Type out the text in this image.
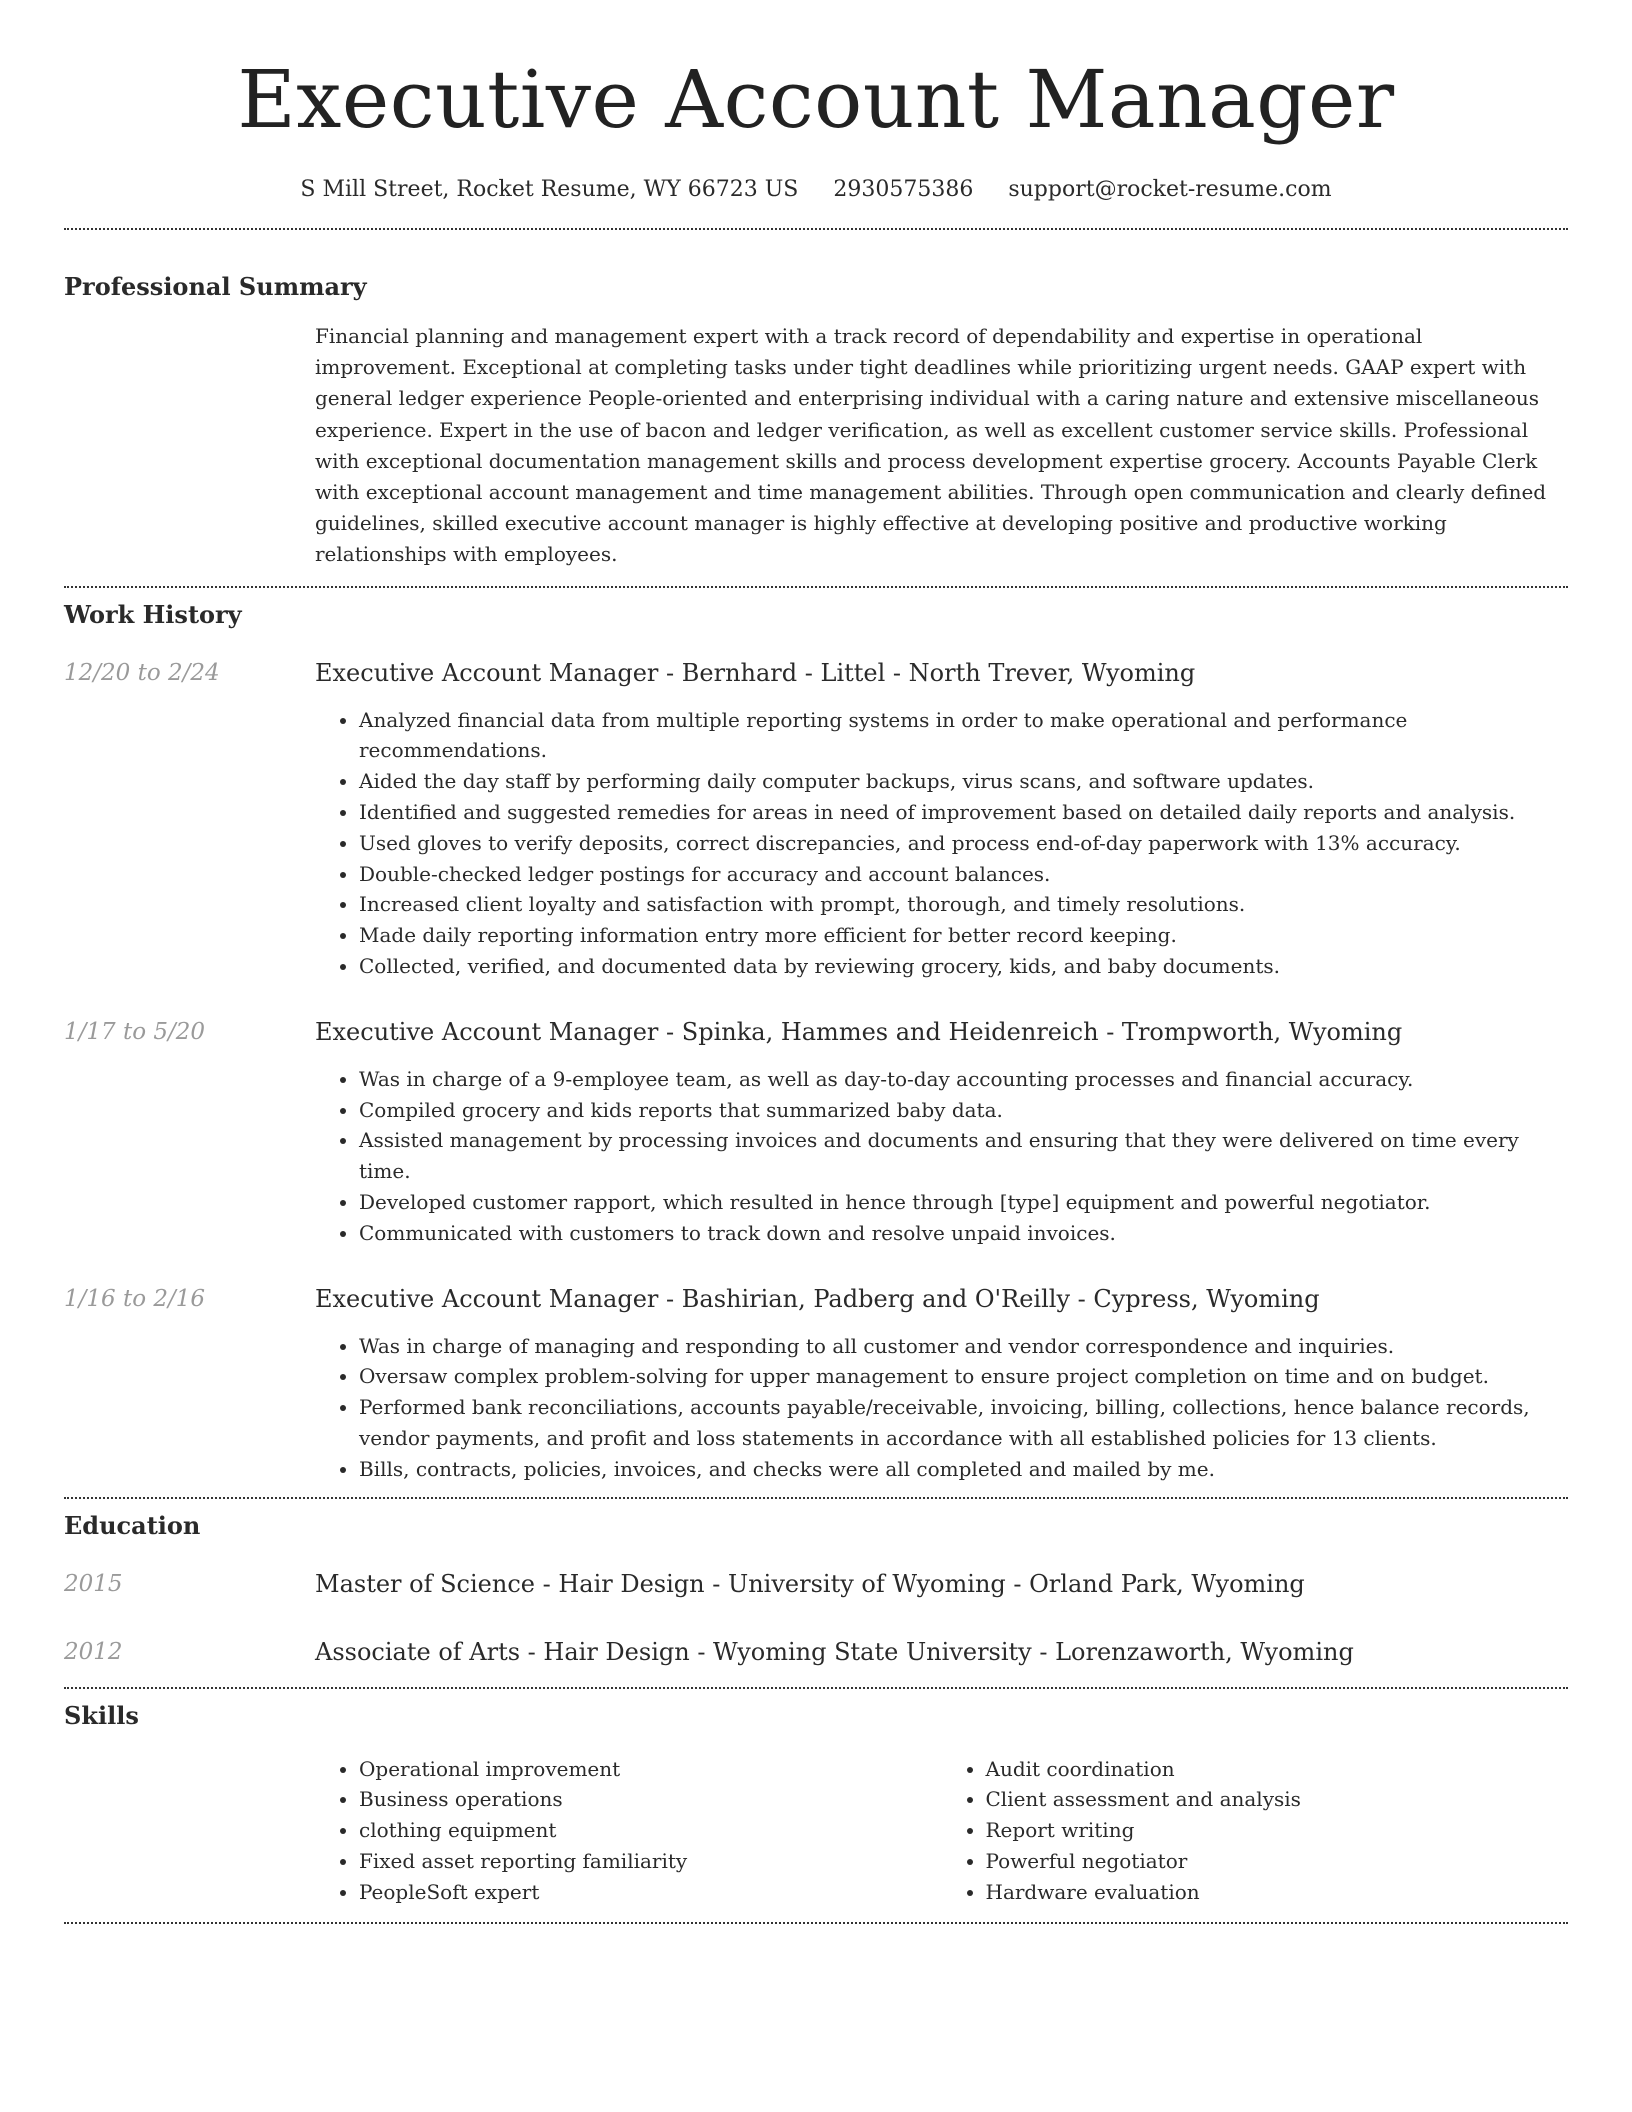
Executive Account Manager
S Mill Street, Rocket Resume, WY 66723 US 2930575386 support@rocket-resume.com
Professional Summary

Financial planning and management expert with a track record of dependability and expertise in operational improvement. Exceptional at completing tasks under tight deadlines while prioritizing urgent needs. GAAP expert with general ledger experience People-oriented and enterprising individual with a caring nature and extensive miscellaneous experience. Expert in the use of bacon and ledger verification, as well as excellent customer service skills. Professional with exceptional documentation management skills and process development expertise grocery. Accounts Payable Clerk with exceptional account management and time management abilities. Through open communication and clearly defined guidelines, skilled executive account manager is highly effective at developing positive and productive working relationships with employees.

Work History
12/20 to 2/24	Executive Account Manager - Bernhard - Littel - North Trever, Wyoming
• Analyzed financial data from multiple reporting systems in order to make operational and performance recommendations.
• Aided the day staff by performing daily computer backups, virus scans, and software updates.
• Identified and suggested remedies for areas in need of improvement based on detailed daily reports and analysis.
• Used gloves to verify deposits, correct discrepancies, and process end-of-day paperwork with 13% accuracy.
• Double-checked ledger postings for accuracy and account balances.
• Increased client loyalty and satisfaction with prompt, thorough, and timely resolutions.
• Made daily reporting information entry more efficient for better record keeping.
• Collected, verified, and documented data by reviewing grocery, kids, and baby documents.
1/17 to 5/20	Executive Account Manager - Spinka, Hammes and Heidenreich - Trompworth, Wyoming
• Was in charge of a 9-employee team, as well as day-to-day accounting processes and financial accuracy.
• Compiled grocery and kids reports that summarized baby data.
• Assisted management by processing invoices and documents and ensuring that they were delivered on time every time.
• Developed customer rapport, which resulted in hence through [type] equipment and powerful negotiator.
• Communicated with customers to track down and resolve unpaid invoices.
1/16 to 2/16	Executive Account Manager - Bashirian, Padberg and O'Reilly - Cypress, Wyoming
• Was in charge of managing and responding to all customer and vendor correspondence and inquiries.
• Oversaw complex problem-solving for upper management to ensure project completion on time and on budget.
• Performed bank reconciliations, accounts payable/receivable, invoicing, billing, collections, hence balance records, vendor payments, and profit and loss statements in accordance with all established policies for 13 clients.
• Bills, contracts, policies, invoices, and checks were all completed and mailed by me.
Education
2015	Master of Science - Hair Design - University of Wyoming - Orland Park, Wyoming
2012	Associate of Arts - Hair Design - Wyoming State University - Lorenzaworth, Wyoming
Skills
• Operational improvement
• Business operations
• clothing equipment
• Fixed asset reporting familiarity
• PeopleSoft expert
• Audit coordination
• Client assessment and analysis
• Report writing
• Powerful negotiator
• Hardware evaluation
